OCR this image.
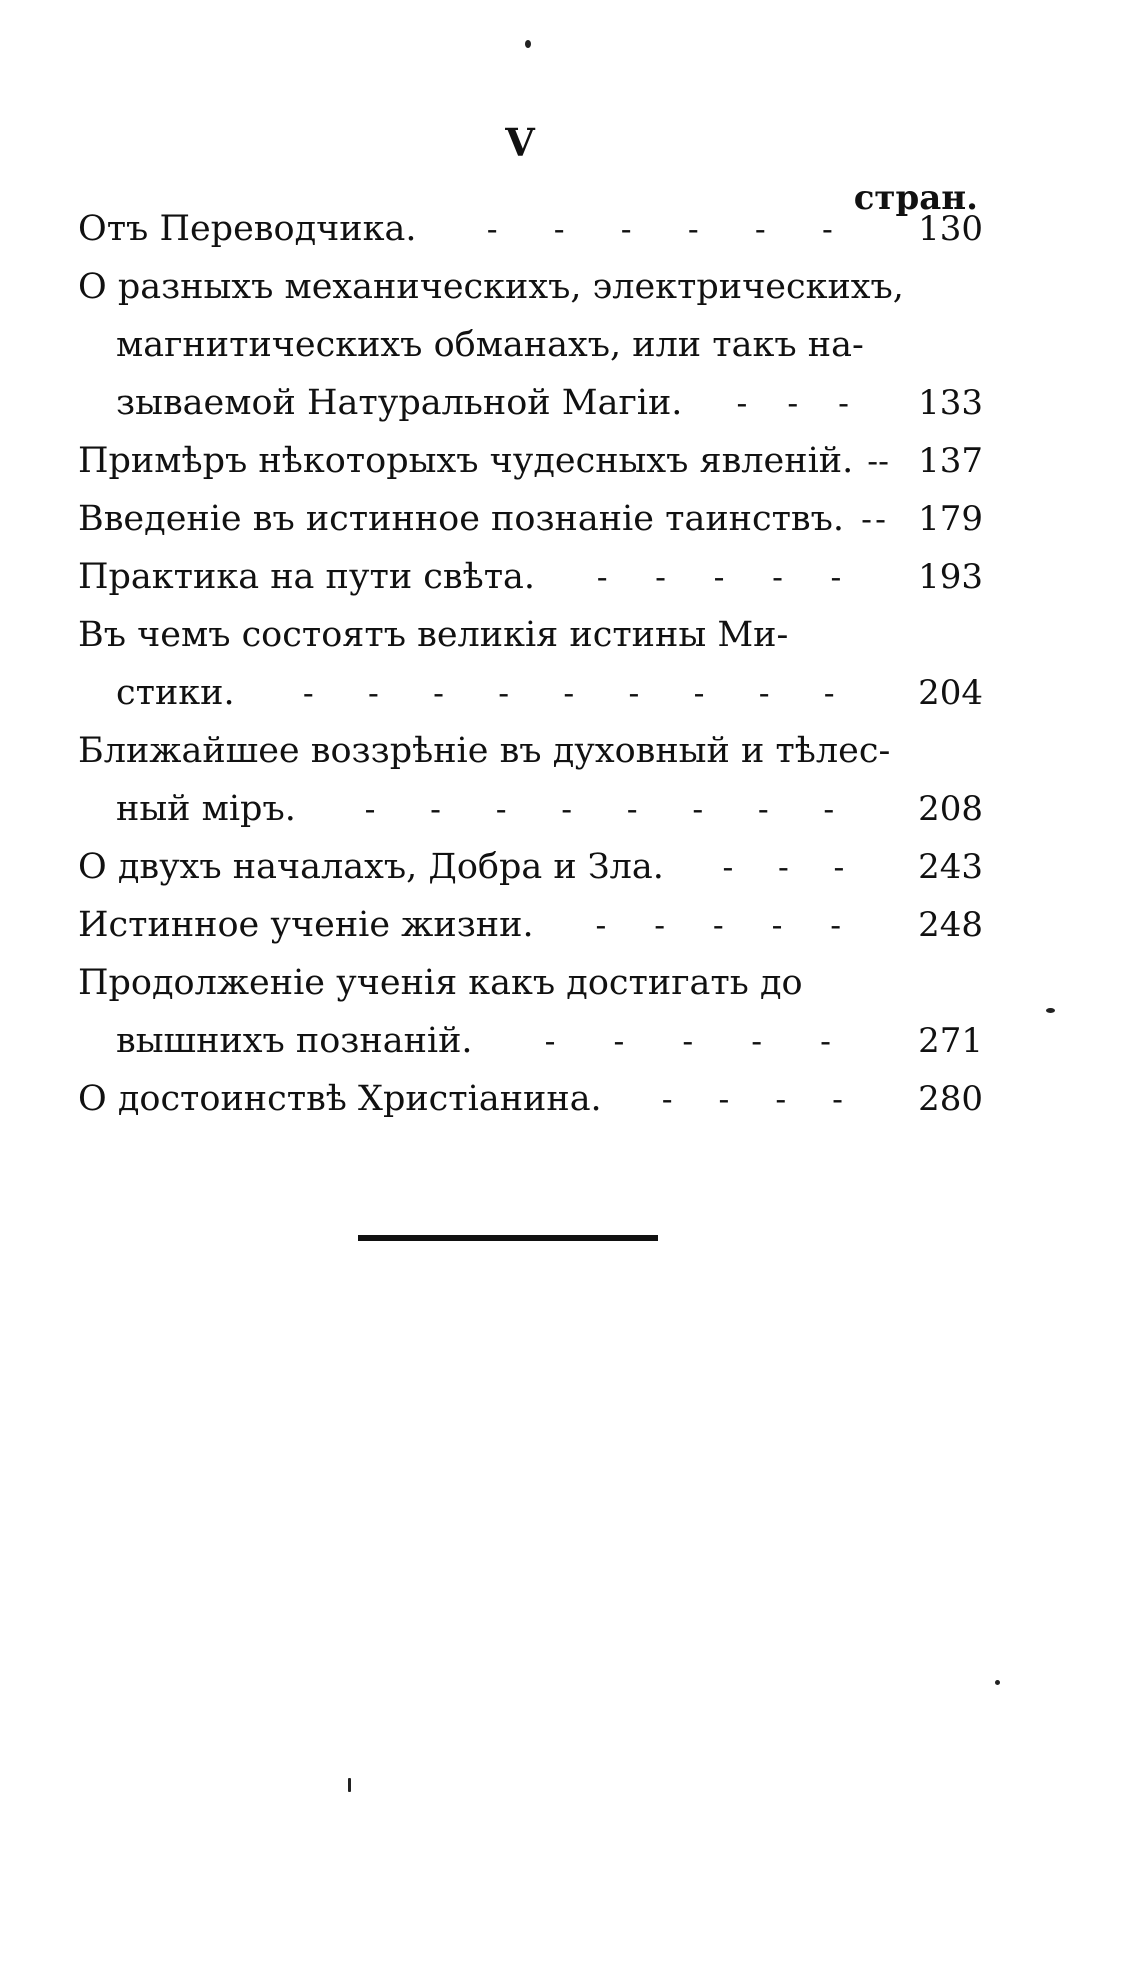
V
стран.
Отъ Переводчика. - - - - - -	130
О разныхъ механическихъ, электрическихъ,
магнитическихъ обманахъ, или такъ на-
зываемой Натуральной Магіи. - - -	133
Примѣръ нѣкоторыхъ чудесныхъ явленій. - - 137
Введеніе въ истинное познаніе таинствъ. - - 179
Практика на пути свѣта. - - - - -	193
Въ чемъ состоятъ великія истины Ми-
стики. - - - - - - - - -	204
Ближайшее воззрѣніе въ духовный и тѣлес-
ный міръ. - - - - - - - -	208
О двухъ началахъ, Добра и Зла. - - -	243
Истинное ученіе жизни. - - - - -	248
Продолженіе ученія какъ достигать до
вышнихъ познаній. - - - - -	271
О достоинствѣ Христіанина. - - - -	280
